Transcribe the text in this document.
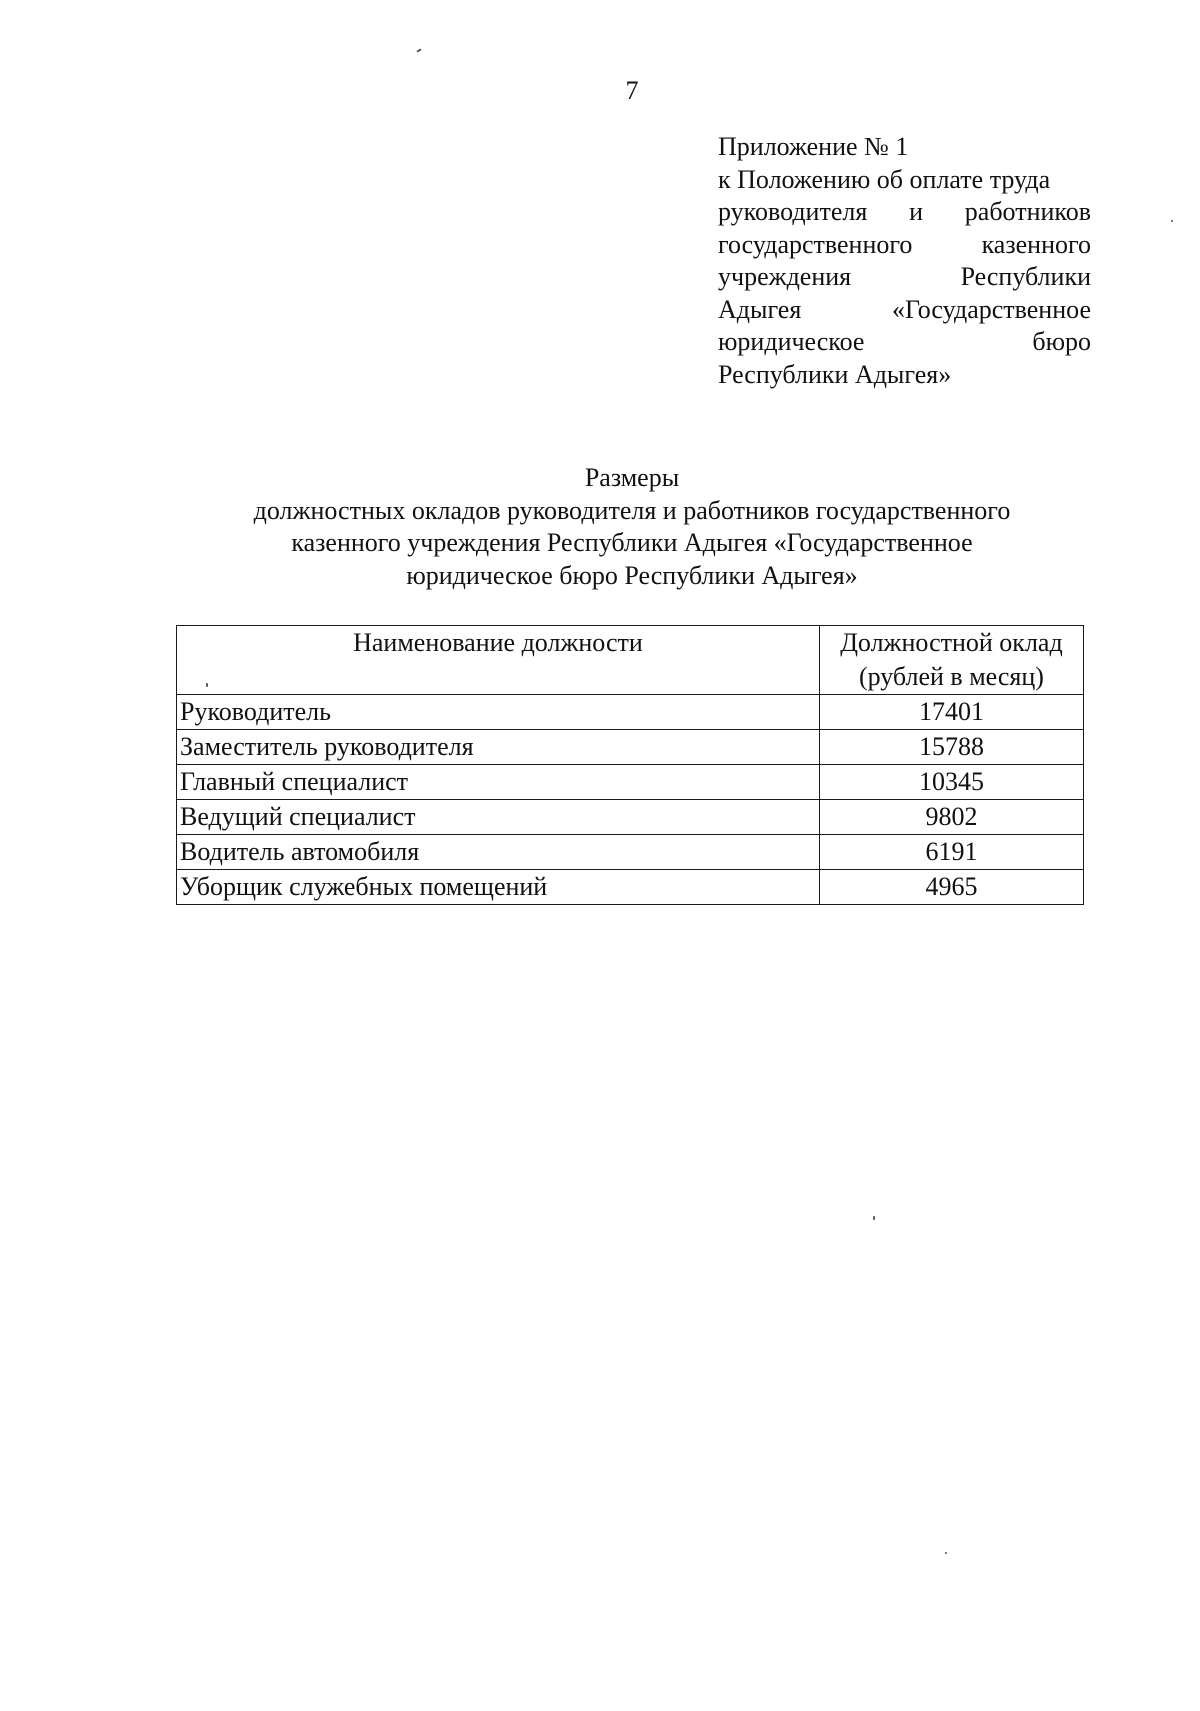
7
Приложение № 1
к Положению об оплате труда
руководителя и работников
государственного	казенного
учреждения	Республики
Адыгея	«Государственное
юридическое	бюро
Республики Адыгея»
Размеры
должностных окладов руководителя и работников государственного
казенного учреждения Республики Адыгея «Государственное
юридическое бюро Республики Адыгея»
Наименование должности	Должностной оклад
(рублей в месяц)
Руководитель	17401
Заместитель руководителя	15788
Главный специалист	10345
Ведущий специалист	9802
Водитель автомобиля	6191
Уборщик служебных помещений	4965
